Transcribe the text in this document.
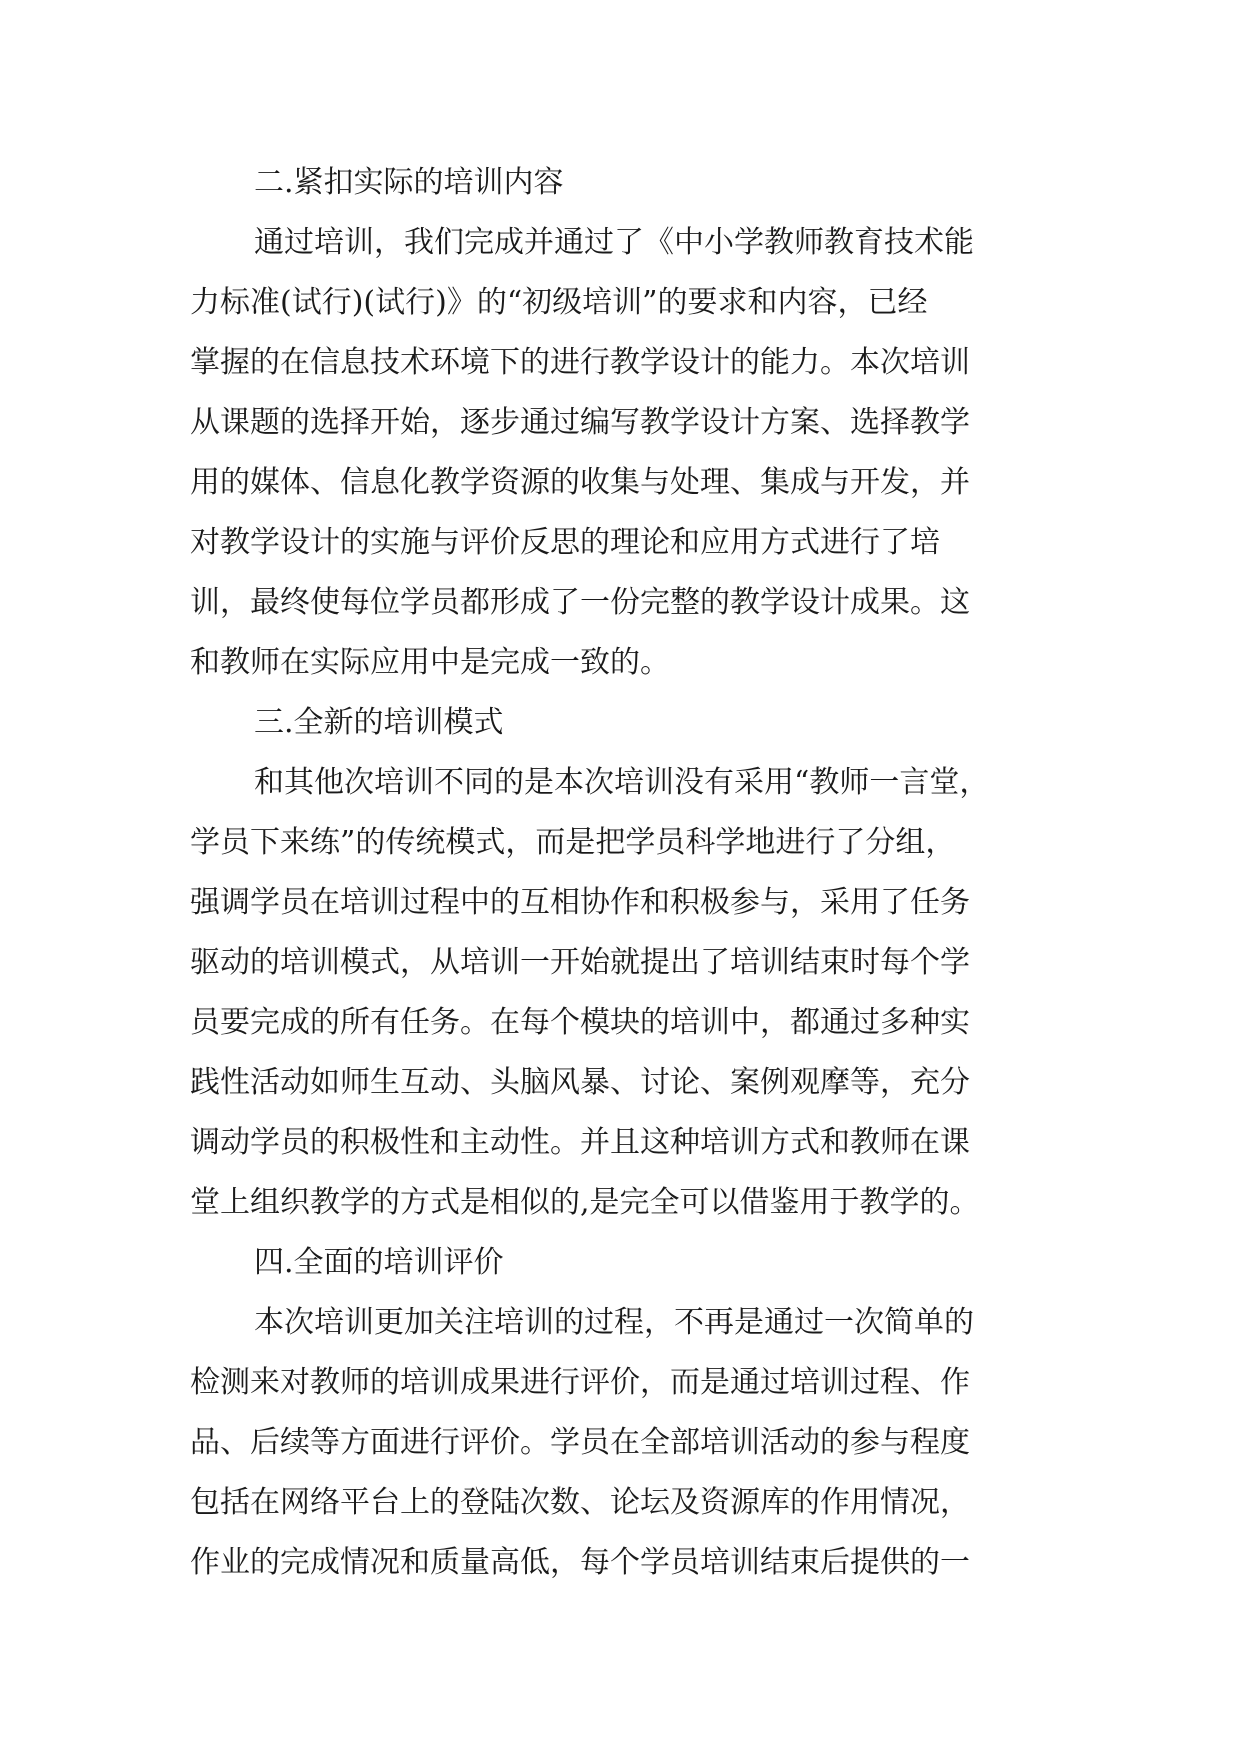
二.紧扣实际的培训内容

通过培训，我们完成并通过了《中小学教师教育技术能

力标准(试行)(试行)》的“初级培训”的要求和内容，已经

掌握的在信息技术环境下的进行教学设计的能力。本次培训

从课题的选择开始，逐步通过编写教学设计方案、选择教学

用的媒体、信息化教学资源的收集与处理、集成与开发，并

对教学设计的实施与评价反思的理论和应用方式进行了培

训，最终使每位学员都形成了一份完整的教学设计成果。这

和教师在实际应用中是完成一致的。

三.全新的培训模式

和其他次培训不同的是本次培训没有采用“教师一言堂，

学员下来练”的传统模式，而是把学员科学地进行了分组，

强调学员在培训过程中的互相协作和积极参与，采用了任务

驱动的培训模式，从培训一开始就提出了培训结束时每个学

员要完成的所有任务。在每个模块的培训中，都通过多种实

践性活动如师生互动、头脑风暴、讨论、案例观摩等，充分

调动学员的积极性和主动性。并且这种培训方式和教师在课

堂上组织教学的方式是相似的,是完全可以借鉴用于教学的。

四.全面的培训评价

本次培训更加关注培训的过程，不再是通过一次简单的

检测来对教师的培训成果进行评价，而是通过培训过程、作

品、后续等方面进行评价。学员在全部培训活动的参与程度

包括在网络平台上的登陆次数、论坛及资源库的作用情况，

作业的完成情况和质量高低，每个学员培训结束后提供的一
